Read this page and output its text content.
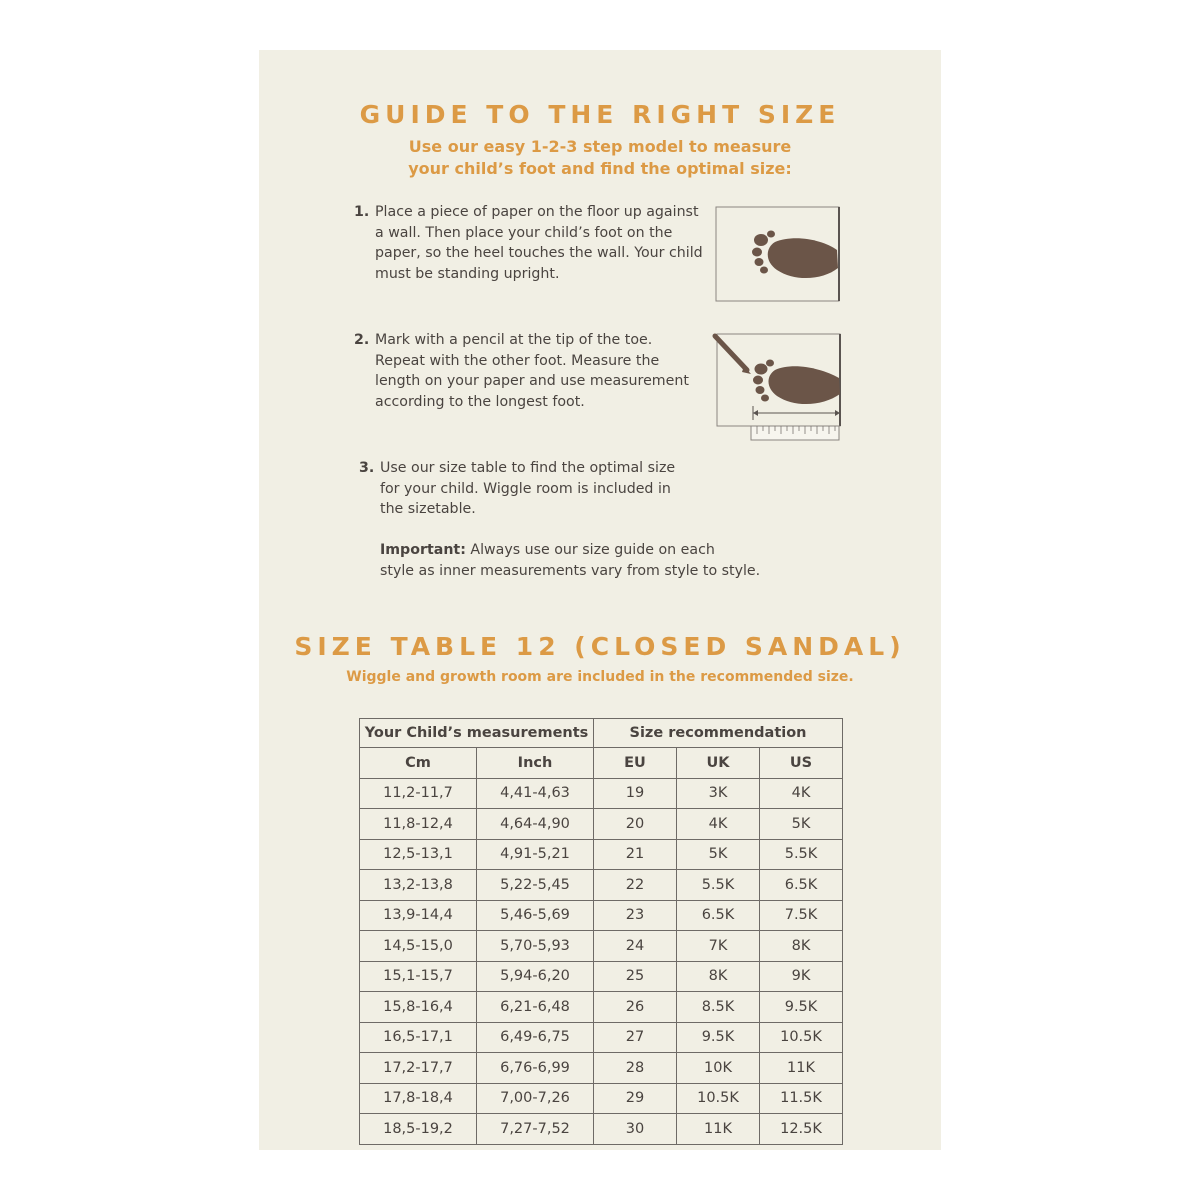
GUIDE TO THE RIGHT SIZE
Use our easy 1-2-3 step model to measure
your child’s foot and find the optimal size:
1. Place a piece of paper on the floor up against
a wall. Then place your child’s foot on the
paper, so the heel touches the wall. Your child
must be standing upright.
2. Mark with a pencil at the tip of the toe.
Repeat with the other foot. Measure the
length on your paper and use measurement
according to the longest foot.
3. Use our size table to find the optimal size
for your child. Wiggle room is included in
the sizetable.
Important: Always use our size guide on each
style as inner measurements vary from style to style.
SIZE TABLE 12 (CLOSED SANDAL)
Wiggle and growth room are included in the recommended size.
Your Child’s measurements		Size recommendation		
Cm	Inch	EU	UK	US
11,2-11,7	4,41-4,63	19	3K	4K
11,8-12,4	4,64-4,90	20	4K	5K
12,5-13,1	4,91-5,21	21	5K	5.5K
13,2-13,8	5,22-5,45	22	5.5K	6.5K
13,9-14,4	5,46-5,69	23	6.5K	7.5K
14,5-15,0	5,70-5,93	24	7K	8K
15,1-15,7	5,94-6,20	25	8K	9K
15,8-16,4	6,21-6,48	26	8.5K	9.5K
16,5-17,1	6,49-6,75	27	9.5K	10.5K
17,2-17,7	6,76-6,99	28	10K	11K
17,8-18,4	7,00-7,26	29	10.5K	11.5K
18,5-19,2	7,27-7,52	30	11K	12.5K
